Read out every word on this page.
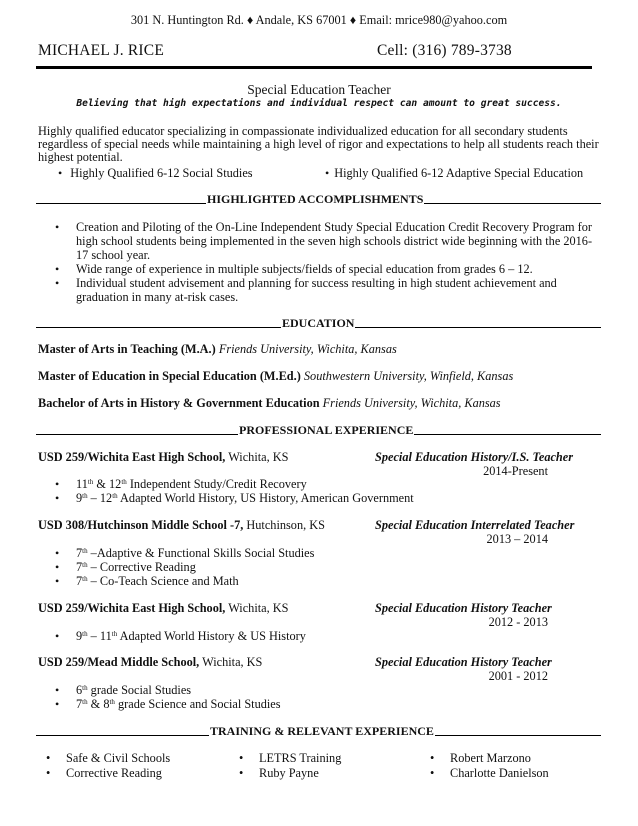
301 N. Huntington Rd. ♦ Andale, KS 67001 ♦ Email: mrice980@yahoo.com
MICHAEL J. RICE	Cell: (316) 789-3738
Special Education Teacher
Believing that high expectations and individual respect can amount to great success.
Highly qualified educator specializing in compassionate individualized education for all secondary students regardless of special needs while maintaining a high level of rigor and expectations to help all students reach their highest potential.
• Highly Qualified 6-12 Social Studies	• Highly Qualified 6-12 Adaptive Special Education
HIGHLIGHTED ACCOMPLISHMENTS
• Creation and Piloting of the On-Line Independent Study Special Education Credit Recovery Program for high school students being implemented in the seven high schools district wide beginning with the 2016-17 school year.
• Wide range of experience in multiple subjects/fields of special education from grades 6 – 12.
• Individual student advisement and planning for success resulting in high student achievement and graduation in many at-risk cases.
EDUCATION
Master of Arts in Teaching (M.A.) Friends University, Wichita, Kansas
Master of Education in Special Education (M.Ed.) Southwestern University, Winfield, Kansas
Bachelor of Arts in History & Government Education Friends University, Wichita, Kansas
PROFESSIONAL EXPERIENCE
USD 259/Wichita East High School, Wichita, KS	Special Education History/I.S. Teacher
2014-Present
• 11th & 12th Independent Study/Credit Recovery
• 9th – 12th Adapted World History, US History, American Government
USD 308/Hutchinson Middle School -7, Hutchinson, KS	Special Education Interrelated Teacher
2013 – 2014
• 7th –Adaptive & Functional Skills Social Studies
• 7th – Corrective Reading
• 7th – Co-Teach Science and Math
USD 259/Wichita East High School, Wichita, KS	Special Education History Teacher
2012 - 2013
• 9th – 11th Adapted World History & US History
USD 259/Mead Middle School, Wichita, KS	Special Education History Teacher
2001 - 2012
• 6th grade Social Studies
• 7th & 8th grade Science and Social Studies
TRAINING & RELEVANT EXPERIENCE
• Safe & Civil Schools
• Corrective Reading
• LETRS Training
• Ruby Payne
• Robert Marzono
• Charlotte Danielson
